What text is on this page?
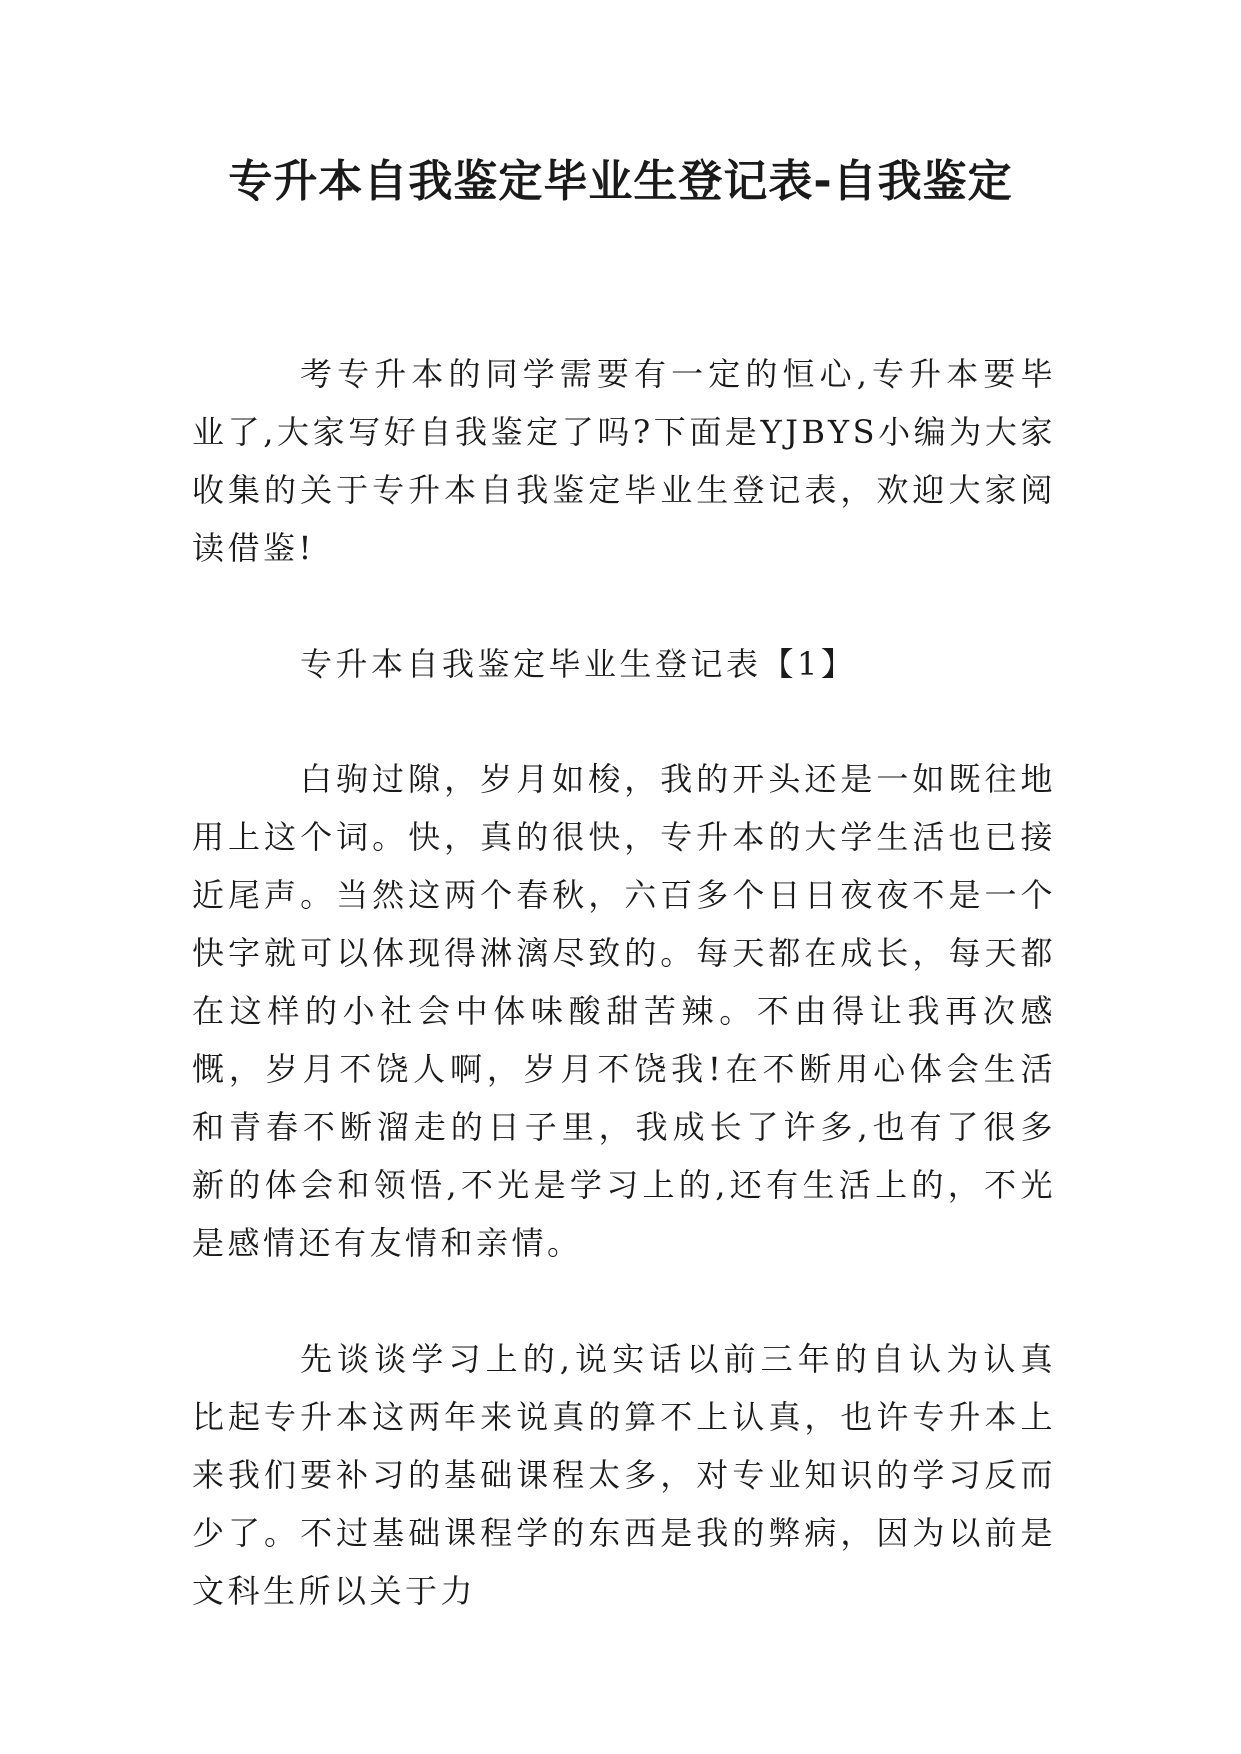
专升本自我鉴定毕业生登记表-自我鉴定

考专升本的同学需要有一定的恒心,专升本要毕业了,大家写好自我鉴定了吗?下面是YJBYS小编为大家收集的关于专升本自我鉴定毕业生登记表，欢迎大家阅读借鉴!

专升本自我鉴定毕业生登记表【1】

白驹过隙，岁月如梭，我的开头还是一如既往地用上这个词。快，真的很快，专升本的大学生活也已接近尾声。当然这两个春秋，六百多个日日夜夜不是一个快字就可以体现得淋漓尽致的。每天都在成长，每天都在这样的小社会中体味酸甜苦辣。不由得让我再次感慨，岁月不饶人啊，岁月不饶我!在不断用心体会生活和青春不断溜走的日子里，我成长了许多,也有了很多新的体会和领悟,不光是学习上的,还有生活上的，不光是感情还有友情和亲情。

先谈谈学习上的,说实话以前三年的自认为认真比起专升本这两年来说真的算不上认真，也许专升本上来我们要补习的基础课程太多，对专业知识的学习反而少了。不过基础课程学的东西是我的弊病，因为以前是文科生所以关于力
